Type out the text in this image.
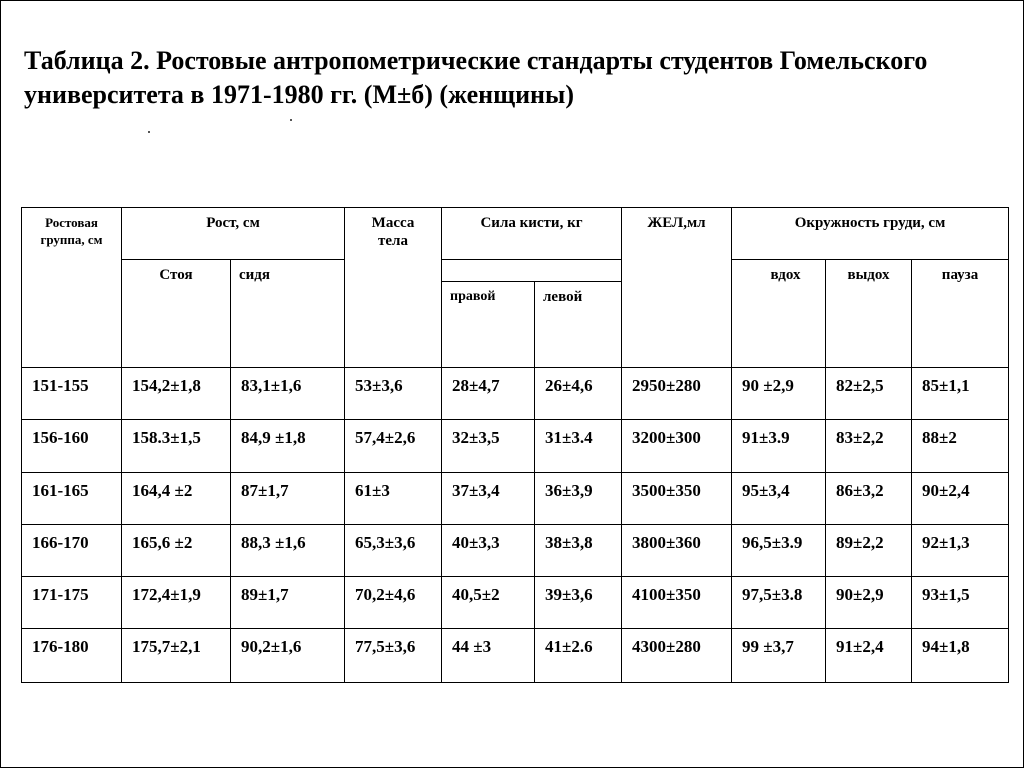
Таблица 2. Ростовые антропометрические стандарты студентов Гомельского университета в 1971-1980 гг. (М±б) (женщины)
Ростовая группа, см	Рост, см		Масса тела	Сила кисти, кг		ЖЕЛ,мл	Окружность груди, см		
	Стоя	сидя					вдох	выдох	пауза
				правой	левой				
151-155	154,2±1,8	83,1±1,6	53±3,6	28±4,7	26±4,6	2950±280	90 ±2,9	82±2,5	85±1,1
156-160	158.3±1,5	84,9 ±1,8	57,4±2,6	32±3,5	31±3.4	3200±300	91±3.9	83±2,2	88±2
161-165	164,4 ±2	87±1,7	61±3	37±3,4	36±3,9	3500±350	95±3,4	86±3,2	90±2,4
166-170	165,6 ±2	88,3 ±1,6	65,3±3,6	40±3,3	38±3,8	3800±360	96,5±3.9	89±2,2	92±1,3
171-175	172,4±1,9	89±1,7	70,2±4,6	40,5±2	39±3,6	4100±350	97,5±3.8	90±2,9	93±1,5
176-180	175,7±2,1	90,2±1,6	77,5±3,6	44 ±3	41±2.6	4300±280	99 ±3,7	91±2,4	94±1,8
